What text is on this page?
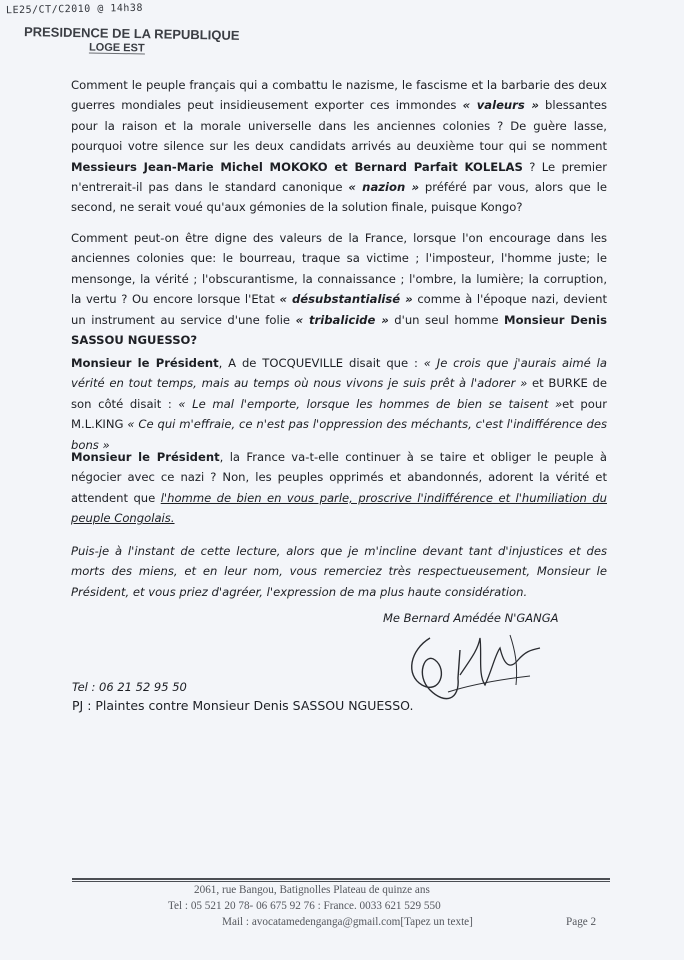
LE25/CT/C2010 @ 14h38
PRESIDENCE DE LA REPUBLIQUE
LOGE EST
Comment le peuple français qui a combattu le nazisme, le fascisme et la barbarie des deux guerres mondiales peut insidieusement exporter ces immondes « valeurs » blessantes pour la raison et la morale universelle dans les anciennes colonies ? De guère lasse, pourquoi votre silence sur les deux candidats arrivés au deuxième tour qui se nomment Messieurs Jean-Marie Michel MOKOKO et Bernard Parfait KOLELAS ? Le premier n'entrerait-il pas dans le standard canonique « nazion » préféré par vous, alors que le second, ne serait voué qu'aux gémonies de la solution finale, puisque Kongo?
Comment peut-on être digne des valeurs de la France, lorsque l'on encourage dans les anciennes colonies que: le bourreau, traque sa victime ; l'imposteur, l'homme juste; le mensonge, la vérité ; l'obscurantisme, la connaissance ; l'ombre, la lumière; la corruption, la vertu ? Ou encore lorsque l'Etat « désubstantialisé » comme à l'époque nazi, devient un instrument au service d'une folie « tribalicide » d'un seul homme Monsieur Denis SASSOU NGUESSO?
Monsieur le Président, A de TOCQUEVILLE disait que : « Je crois que j'aurais aimé la vérité en tout temps, mais au temps où nous vivons je suis prêt à l'adorer » et BURKE de son côté disait : « Le mal l'emporte, lorsque les hommes de bien se taisent »et pour M.L.KING « Ce qui m'effraie, ce n'est pas l'oppression des méchants, c'est l'indifférence des bons »
Monsieur le Président, la France va-t-elle continuer à se taire et obliger le peuple à négocier avec ce nazi ? Non, les peuples opprimés et abandonnés, adorent la vérité et attendent que l'homme de bien en vous parle, proscrive l'indifférence et l'humiliation du peuple Congolais.
Puis-je à l'instant de cette lecture, alors que je m'incline devant tant d'injustices et des morts des miens, et en leur nom, vous remerciez très respectueusement, Monsieur le Président, et vous priez d'agréer, l'expression de ma plus haute considération.
Me Bernard Amédée N'GANGA
Tel : 06 21 52 95 50
PJ : Plaintes contre Monsieur Denis SASSOU NGUESSO.
2061, rue Bangou, Batignolles Plateau de quinze ans
Tel : 05 521 20 78- 06 675 92 76 : France. 0033 621 529 550
Mail : avocatamedenganga@gmail.com[Tapez un texte]	Page 2
